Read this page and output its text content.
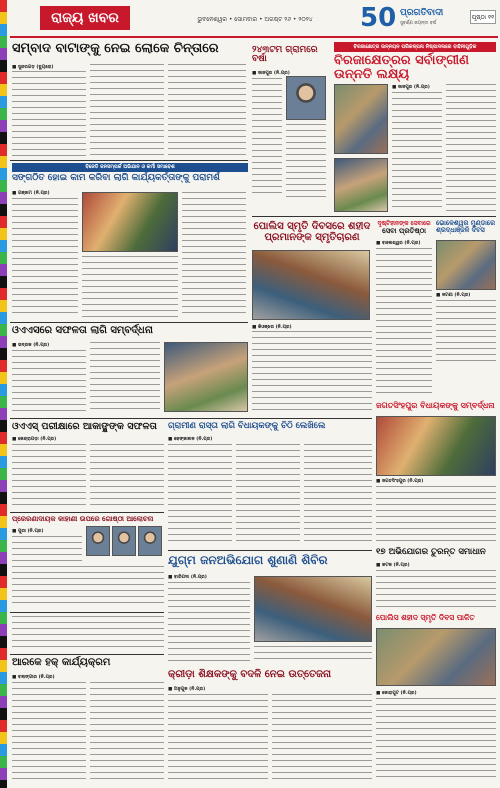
ରାଜ୍ୟ ଖବର	ଭୁବନେଶ୍ୱର • ସୋମବାର • ଅଗଷ୍ଟ ୨୬ • ୨୦୨୪	50 ପ୍ରଗତିବାଦୀ
ସୁବର୍ଣ୍ଣ ଜୟନ୍ତୀ ବର୍ଷ
ପୃଷ୍ଠା ୧୧
ସମ୍ବାଦ ବାଟାଙ୍କୁ ନେଇ ଲୋକେ ଚିନ୍ତାରେ
■ ସୁନ୍ଦରଗଡ଼ (ବ୍ୟୁରୋ)
୨୪୩ଟମ ଗ୍ରାମରେ ବର୍ଷା
■ ଜାଜପୁର (ନି.ପ୍ର)
ବିରଜାକ୍ଷେତ୍ର ଉନ୍ନୟନ ପରିକଳ୍ପନା ନିଷ୍ପାଦନାରେ ବାହିନୀଗୁଡ଼ିକ
ବିରଜାକ୍ଷେତ୍ରର ସର୍ବାଙ୍ଗୀଣ ଉନ୍ନତି ଲକ୍ଷ୍ୟ
■ ଜାଜପୁର (ନି.ପ୍ର)
ବିଜେଡି ଜନସମ୍ପର୍କ ଅଭିଯାନ ଓ କର୍ମୀ ସମାବେଶ
ସଙ୍ଗଠିତ ହୋଇ କାମ କରିବା ଲାଗି କାର୍ଯ୍ୟକର୍ତ୍ତାଙ୍କୁ ପରାମର୍ଶ
■ ଗଞ୍ଜାମ (ନି.ପ୍ର)
ପୋଲିସ ସ୍ମୃତି ଦିବସରେ ଶହୀଦ ପ୍ରମାନଙ୍କ ସ୍ମୃତିଚାରଣ
■ କିଓଞ୍ଝର (ନି.ପ୍ର)
ଦୃଷ୍ଟିହୀନଙ୍କ ସେବାରେ
ସେବା ପ୍ରତିଷ୍ଠା
■ ବାଲେଶ୍ୱର (ନି.ପ୍ର)
ଭୋଳେଶ୍ୱର ମୁଣ୍ଡାରେ ଶ୍ରଦ୍ଧାଞ୍ଜଳି ଦିବସ
■ ଜଟଣୀ (ନି.ପ୍ର)
ଓଏଏସରେ ସଫଳତା ଲାଗି ସମ୍ବର୍ଦ୍ଧନା
■ ଭଦ୍ରକ (ନି.ପ୍ର)
ଜଗତସିଂହପୁର ବିଧାୟକଙ୍କୁ ସମ୍ବର୍ଦ୍ଧନା
■ ଜଗତସିଂହପୁର (ନି.ପ୍ର)
ଓଏଏସ୍ ପରୀକ୍ଷାରେ ଆକାଙ୍କ୍ଷଙ୍କ ସଫଳତା
■ କେନ୍ଦ୍ରାପଡ଼ା (ନି.ପ୍ର)
ଗ୍ରାମୀଣ ରାସ୍ତା ଲାଗି ବିଧାୟକଙ୍କୁ ଚିଠି ଲେଖିଲେ
■ ଢେଙ୍କାନାଳ (ନି.ପ୍ର)
ପ୍ରେରଣାଦାୟକ କାହାଣୀ ଉପରେ ଗୋଷ୍ଠୀ ଆଲୋଚନା
■ ପୁରୀ (ନି.ପ୍ର)
୧୭ ଅଭିଯୋଗର ତୁରନ୍ତ ସମାଧାନ
■ କଟକ (ନି.ପ୍ର)
ଯୁଗ୍ମ ଜନଅଭିଯୋଗ ଶୁଣାଣି ଶିବିର
■ ବାରିପଦା (ନି.ପ୍ର)
ପୋଲିସ ଶହୀଦ ସ୍ମୃତି ଦିବସ ପାଳିତ
■ କୋରାପୁଟ (ନି.ପ୍ର)
କ୍ରୀଡ଼ା ଶିକ୍ଷକଙ୍କୁ ବଦଳି ନେଇ ଉତ୍ତେଜନା
■ ଅନୁଗୁଳ (ନି.ପ୍ର)
ଆରକେ ହକ୍ କାର୍ଯ୍ୟକ୍ରମ
■ ବଲାଙ୍ଗୀର (ନି.ପ୍ର)
